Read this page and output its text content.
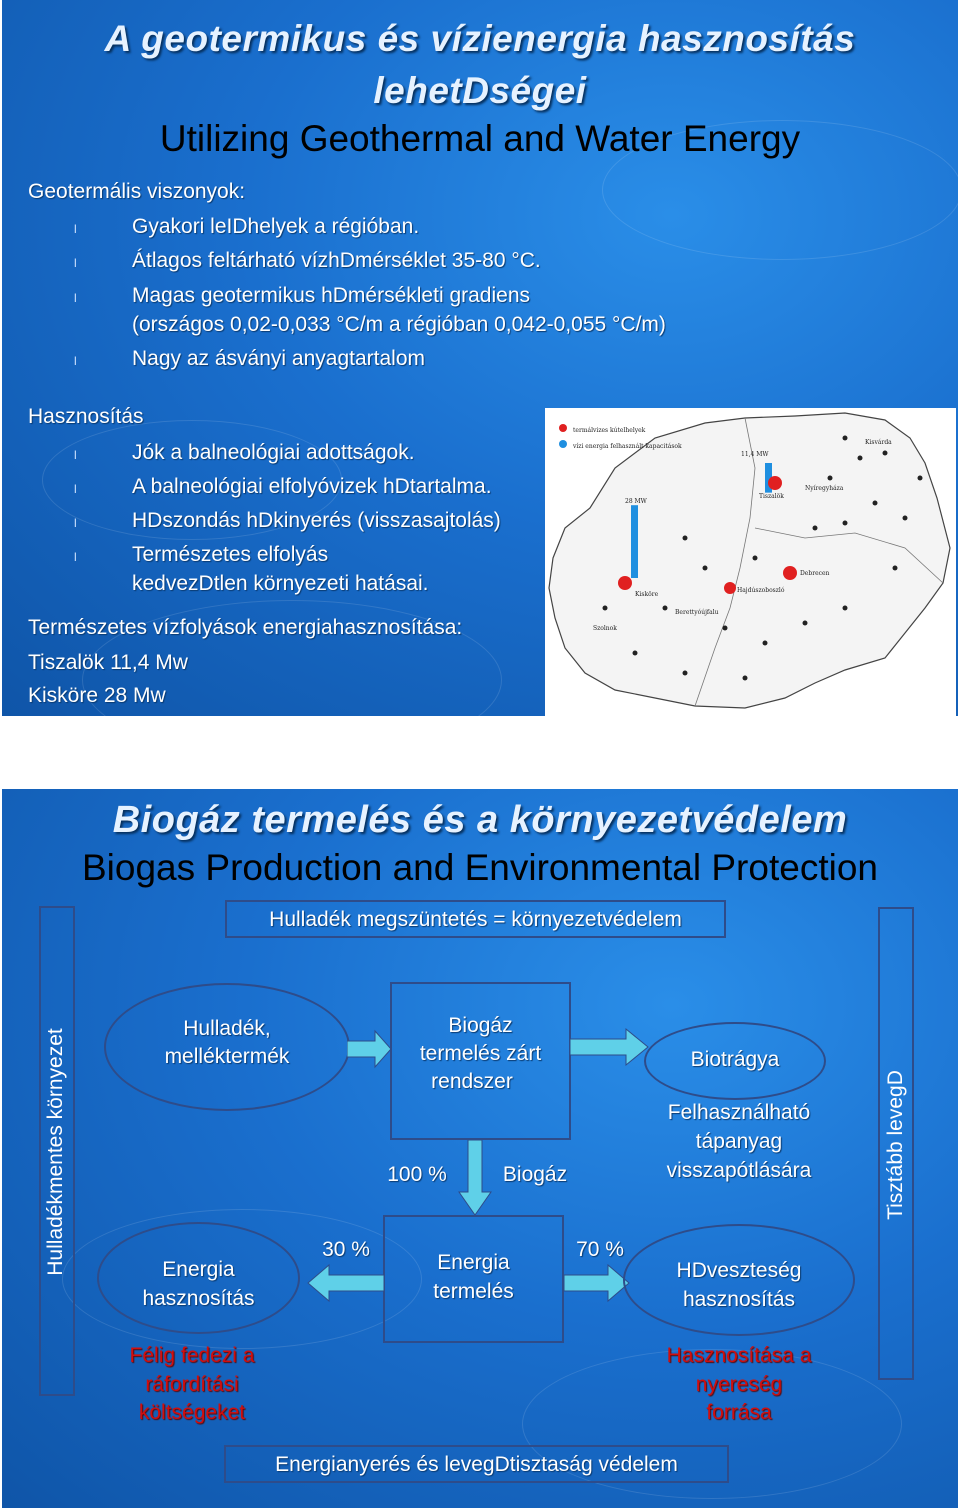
A geotermikus és vízienergia hasznosítás
lehetDségei
Utilizing Geothermal and Water Energy
Geotermális viszonyok:
l	Gyakori leIDhelyek a régióban.
l	Átlagos feltárható vízhDmérséklet 35-80 °C.
l	Magas geotermikus hDmérsékleti gradiens
(országos 0,02-0,033 °C/m a régióban 0,042-0,055 °C/m)
l	Nagy az ásványi anyagtartalom
Hasznosítás
l	Jók a balneológiai adottságok.
l	A balneológiai elfolyóvizek hDtartalma.
l	HDszondás hDkinyerés (visszasajtolás)
l	Természetes elfolyás
kedvezDtlen környezeti hatásai.
Természetes vízfolyások energiahasznosítása:
Tiszalök 11,4 Mw
Kisköre 28 Mw
termálvizes kútelhelyek
vízi energia felhasznált kapacitások
28 MW
11,4 MW
Tiszalök
Nyíregyháza
Debrecen
Hajdúszoboszló
Kisköre
Berettyóújfalu
Szolnok
Kisvárda
Biogáz termelés és a környezetvédelem
Biogas Production and Environmental Protection
Hulladék megszüntetés = környezetvédelem
Hulladékmentes környezet	Tisztább levegD
Hulladék,
melléktermék
Biogáz
termelés zárt
rendszer
Biotrágya
Felhasználható
tápanyag
visszapótlására
100 %	Biogáz
Energia
termelés
30 %	70 %
Energia
hasznosítás
HDveszteség
hasznosítás
Félig fedezi a
ráfordítási
költségeket
Hasznosítása a
nyereség
forrása
Energianyerés és levegDtisztaság védelem
